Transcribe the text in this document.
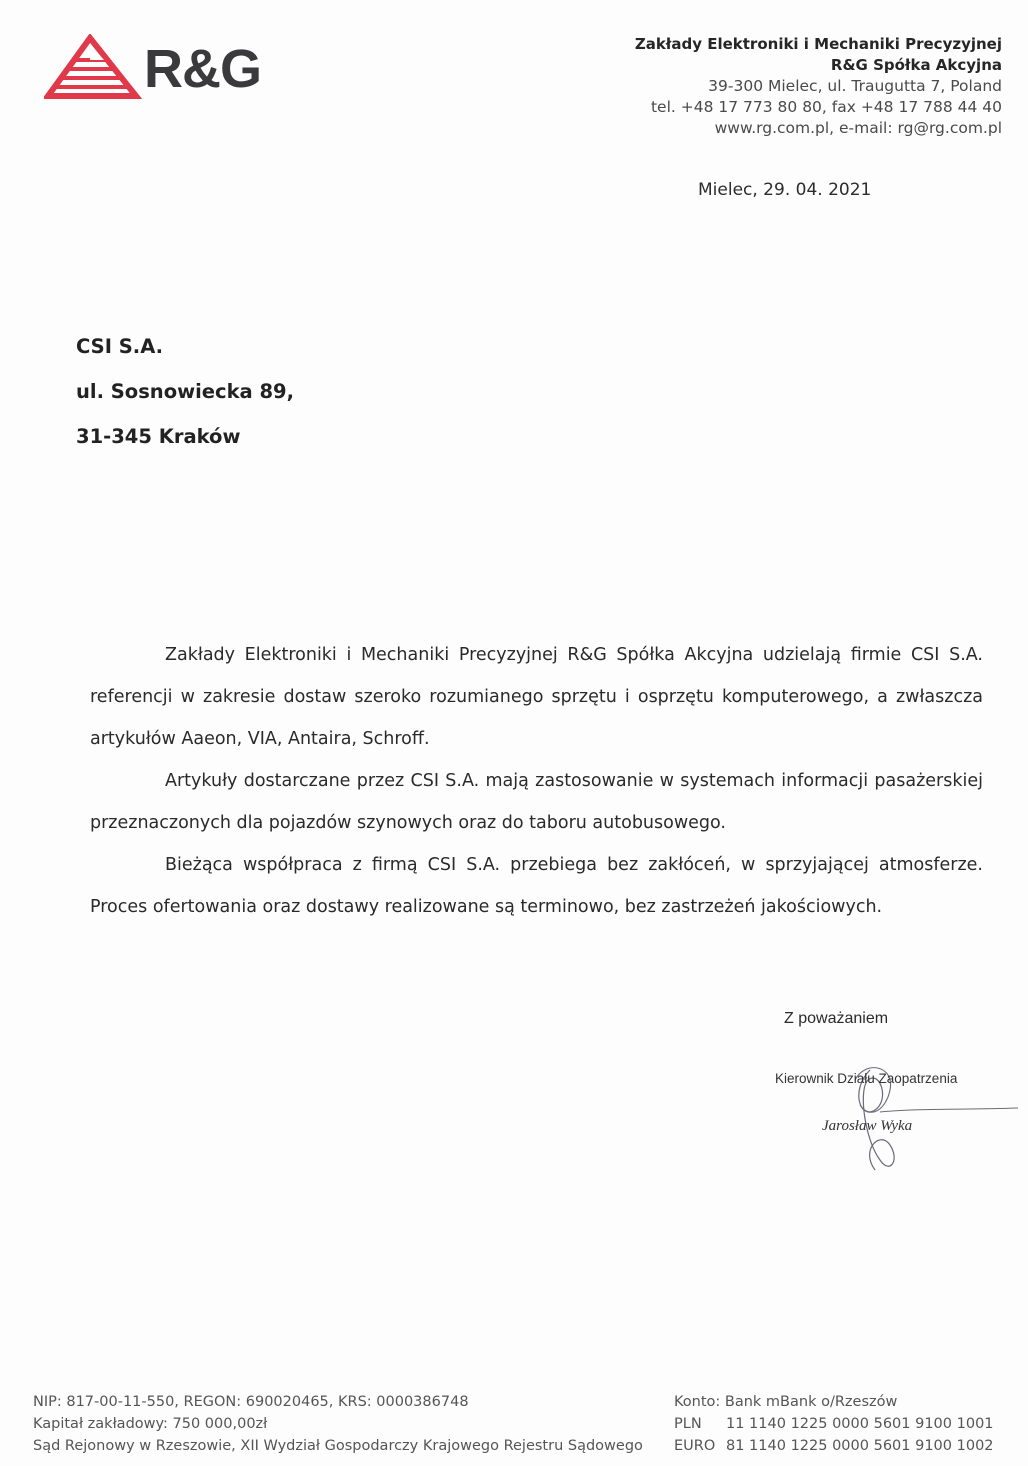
R&G	Zakłady Elektroniki i Mechaniki Precyzyjnej
R&G Spółka Akcyjna
39-300 Mielec, ul. Traugutta 7, Poland
tel. +48 17 773 80 80, fax +48 17 788 44 40
www.rg.com.pl, e-mail: rg@rg.com.pl
Mielec, 29. 04. 2021
CSI S.A.
ul. Sosnowiecka 89,
31-345 Kraków

Zakłady Elektroniki i Mechaniki Precyzyjnej R&G Spółka Akcyjna udzielają firmie CSI S.A. referencji w zakresie dostaw szeroko rozumianego sprzętu i osprzętu komputerowego, a zwłaszcza artykułów Aaeon, VIA, Antaira, Schroff.

Artykuły dostarczane przez CSI S.A. mają zastosowanie w systemach informacji pasażerskiej przeznaczonych dla pojazdów szynowych oraz do taboru autobusowego.

Bieżąca współpraca z firmą CSI S.A. przebiega bez zakłóceń, w sprzyjającej atmosferze. Proces ofertowania oraz dostawy realizowane są terminowo, bez zastrzeżeń jakościowych.

Z poważaniem
Kierownik Działu Zaopatrzenia
Jarosław Wyka
NIP: 817-00-11-550, REGON: 690020465, KRS: 0000386748
Kapitał zakładowy: 750 000,00zł
Sąd Rejonowy w Rzeszowie, XII Wydział Gospodarczy Krajowego Rejestru Sądowego
Konto: Bank mBank o/Rzeszów
PLN	11 1140 1225 0000 5601 9100 1001
EURO 81 1140 1225 0000 5601 9100 1002
